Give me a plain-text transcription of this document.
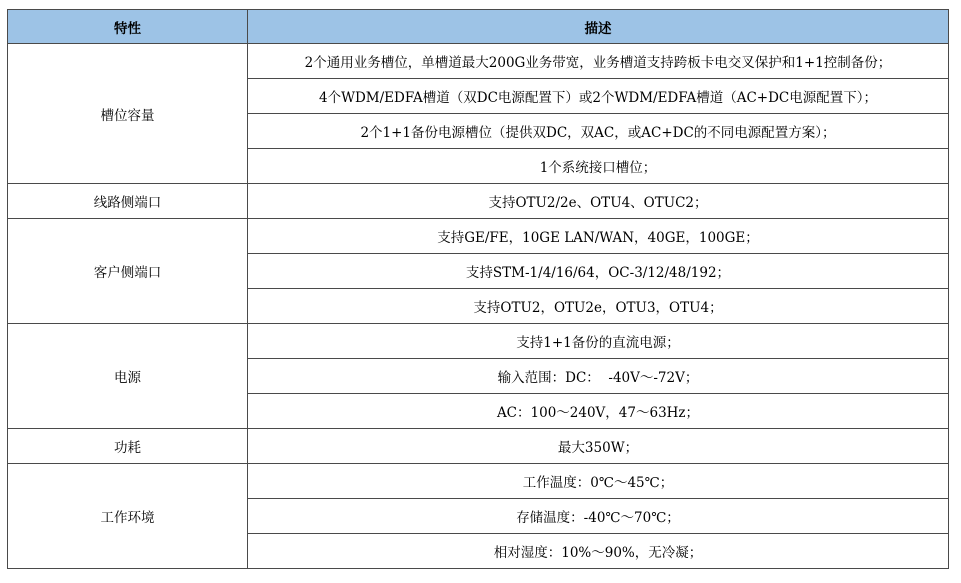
特性	描述
槽位容量	2个通用业务槽位，单槽道最大200G业务带宽，业务槽道支持跨板卡电交叉保护和1+1控制备份；
	4个WDM/EDFA槽道（双DC电源配置下）或2个WDM/EDFA槽道（AC+DC电源配置下）；
	2个1+1备份电源槽位（提供双DC，双AC，或AC+DC的不同电源配置方案）；
	1个系统接口槽位；
线路侧端口	支持OTU2/2e、OTU4、OTUC2；
客户侧端口	支持GE/FE，10GE LAN/WAN，40GE，100GE；
	支持STM-1/4/16/64，OC-3/12/48/192；
	支持OTU2，OTU2e，OTU3，OTU4；
电源	支持1+1备份的直流电源；
	输入范围：DC：  -40V～-72V；
	AC：100～240V，47～63Hz；
功耗	最大350W；
工作环境	工作温度：0℃～45℃；
	存储温度：-40℃～70℃；
	相对湿度：10%～90%，无冷凝；
